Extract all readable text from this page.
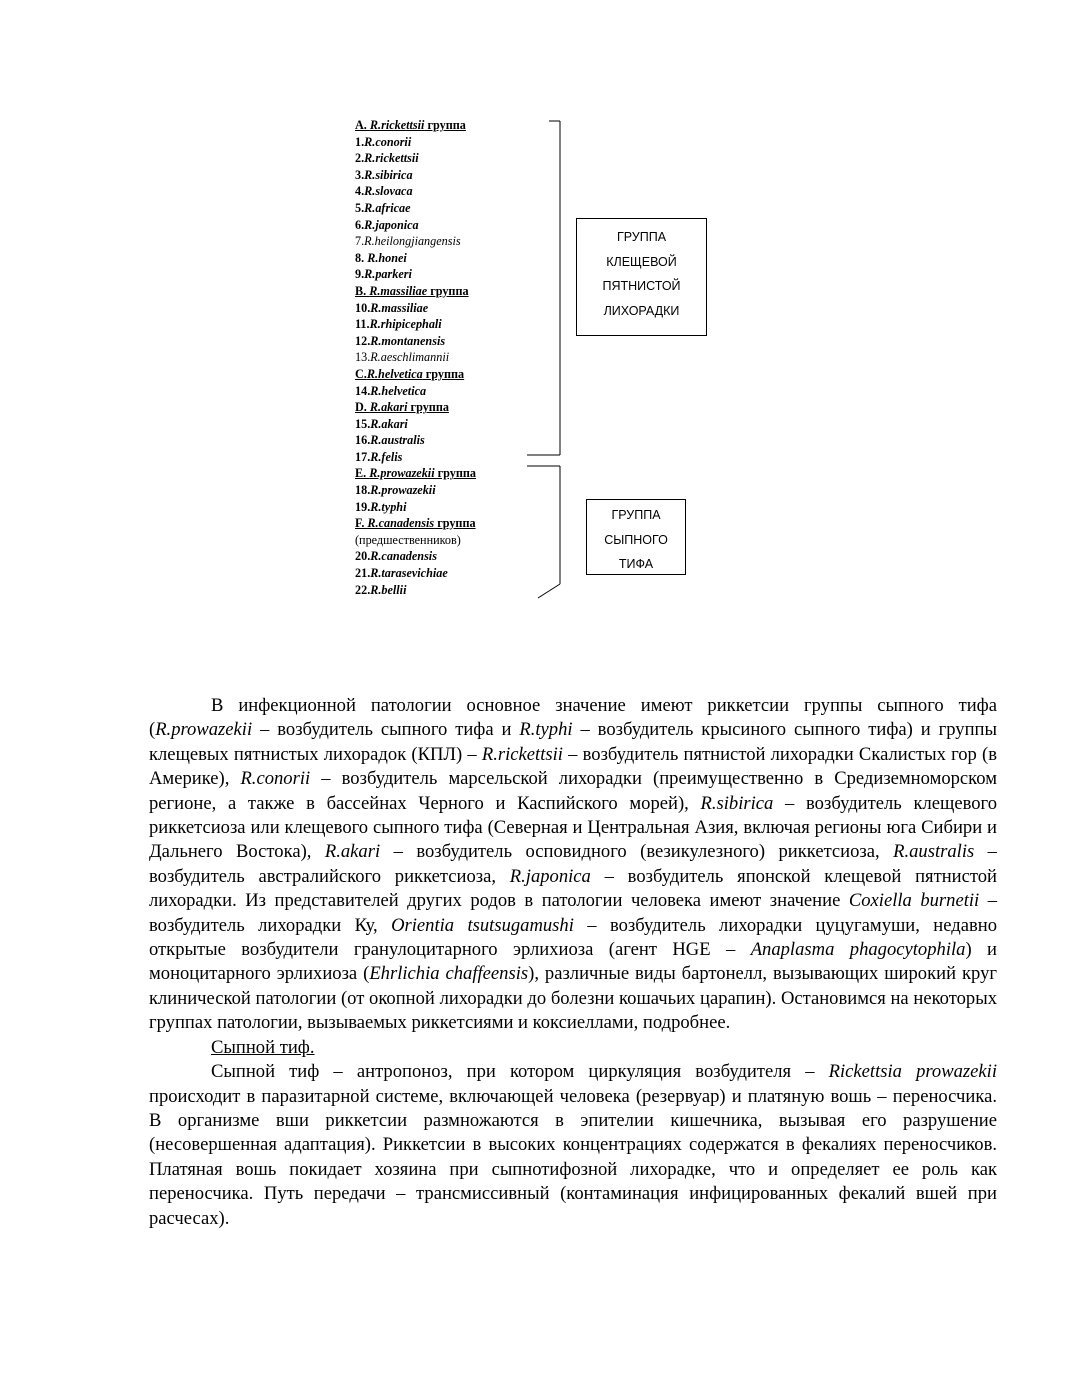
A. R.rickettsii группа
1.R.conorii
2.R.rickettsii
3.R.sibirica
4.R.slovaca
5.R.africae
6.R.japonica
7.R.heilongjiangensis
8. R.honei
9.R.parkeri
B. R.massiliae группа
10.R.massiliae
11.R.rhipicephali
12.R.montanensis
13.R.aeschlimannii
C.R.helvetica группа
14.R.helvetica
D. R.akari группа
15.R.akari
16.R.australis
17.R.felis
E. R.prowazekii группа
18.R.prowazekii
19.R.typhi
F. R.canadensis группа
(предшественников)
20.R.canadensis
21.R.tarasevichiae
22.R.bellii
ГРУППА
КЛЕЩЕВОЙ
ПЯТНИСТОЙ
ЛИХОРАДКИ
ГРУППА
СЫПНОГО
ТИФА

В инфекционной патологии основное значение имеют риккетсии группы сыпного тифа (R.prowazekii – возбудитель сыпного тифа и R.typhi – возбудитель крысиного сыпного тифа) и группы клещевых пятнистых лихорадок (КПЛ) – R.rickettsii – возбудитель пятнистой лихорадки Скалистых гор (в Америке), R.conorii – возбудитель марсельской лихорадки (преимущественно в Средиземноморском регионе, а также в бассейнах Черного и Каспийского морей), R.sibirica – возбудитель клещевого риккетсиоза или клещевого сыпного тифа (Северная и Центральная Азия, включая регионы юга Сибири и Дальнего Востока), R.akari – возбудитель осповидного (везикулезного) риккетсиоза, R.australis – возбудитель австралийского риккетсиоза, R.japonica – возбудитель японской клещевой пятнистой лихорадки. Из представителей других родов в патологии человека имеют значение Coxiella burnetii – возбудитель лихорадки Ку, Orientia tsutsugamushi – возбудитель лихорадки цуцугамуши, недавно открытые возбудители гранулоцитарного эрлихиоза (агент HGE – Anaplasma phagocytophila) и моноцитарного эрлихиоза (Ehrlichia chaffeensis), различные виды бартонелл, вызывающих широкий круг клинической патологии (от окопной лихорадки до болезни кошачьих царапин). Остановимся на некоторых группах патологии, вызываемых риккетсиями и коксиеллами, подробнее.

Сыпной тиф.

Сыпной тиф – антропоноз, при котором циркуляция возбудителя – Rickettsia prowazekii происходит в паразитарной системе, включающей человека (резервуар) и платяную вошь – переносчика. В организме вши риккетсии размножаются в эпителии кишечника, вызывая его разрушение (несовершенная адаптация). Риккетсии в высоких концентрациях содержатся в фекалиях переносчиков. Платяная вошь покидает хозяина при сыпнотифозной лихорадке, что и определяет ее роль как переносчика. Путь передачи – трансмиссивный (контаминация инфицированных фекалий вшей при расчесах).
